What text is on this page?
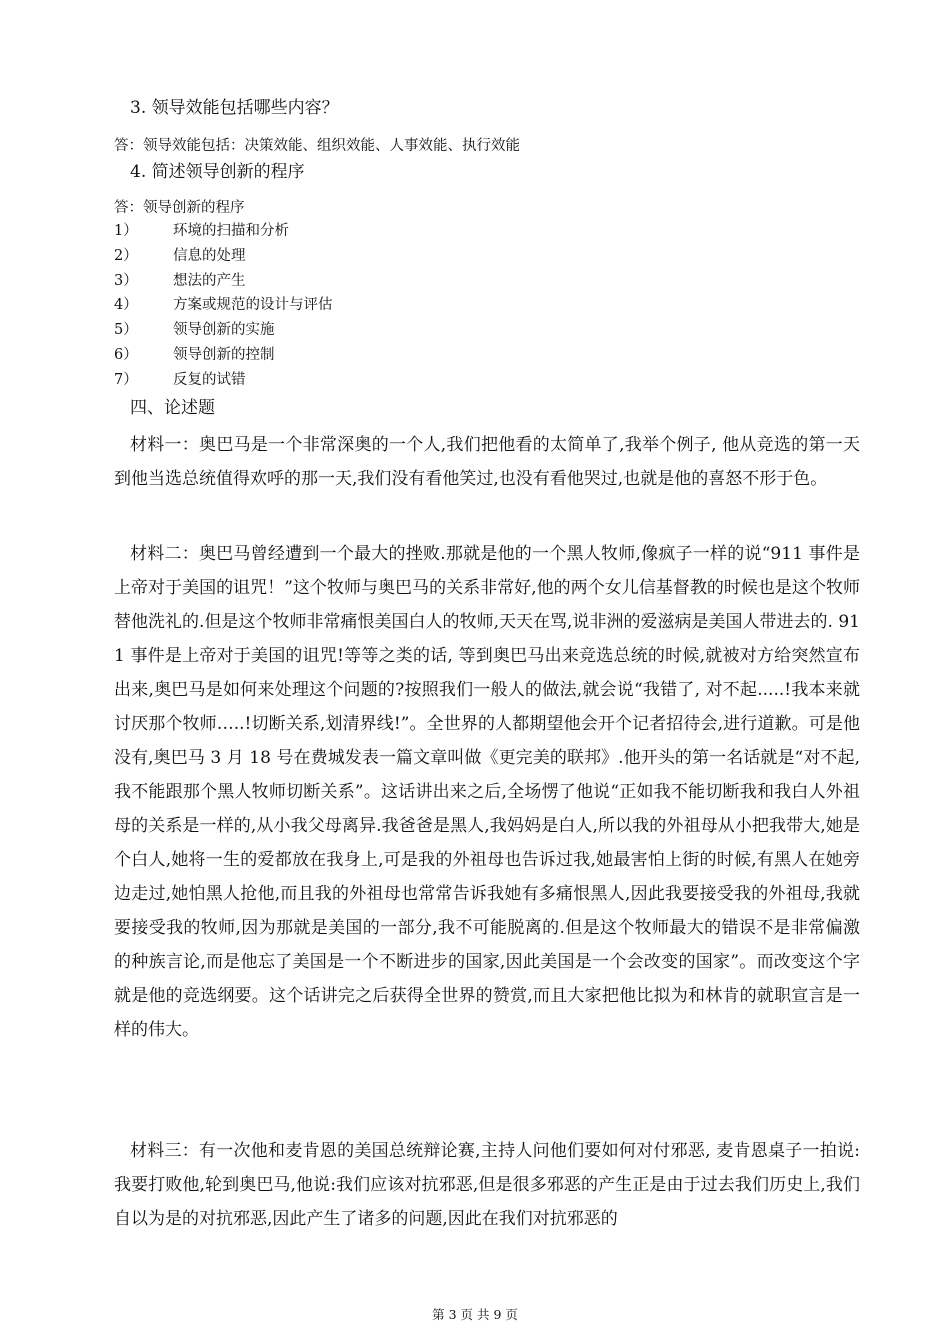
3. 领导效能包括哪些内容？
答：领导效能包括：决策效能、组织效能、人事效能、执行效能
4. 简述领导创新的程序
答：领导创新的程序
1） 环境的扫描和分析
2） 信息的处理
3） 想法的产生
4） 方案或规范的设计与评估
5） 领导创新的实施
6） 领导创新的控制
7） 反复的试错
四、论述题

材料一：奥巴马是一个非常深奥的一个人,我们把他看的太简单了,我举个例子, 他从竞选的第一天到他当选总统值得欢呼的那一天,我们没有看他笑过,也没有看他哭过,也就是他的喜怒不形于色。

材料二：奥巴马曾经遭到一个最大的挫败.那就是他的一个黑人牧师,像疯子一样的说“911 事件是上帝对于美国的诅咒！”这个牧师与奥巴马的关系非常好,他的两个女儿信基督教的时候也是这个牧师替他洗礼的.但是这个牧师非常痛恨美国白人的牧师,天天在骂,说非洲的爱滋病是美国人带进去的. 911 事件是上帝对于美国的诅咒!等等之类的话, 等到奥巴马出来竞选总统的时候,就被对方给突然宣布出来,奥巴马是如何来处理这个问题的?按照我们一般人的做法,就会说“我错了, 对不起.....!我本来就讨厌那个牧师…..!切断关系,划清界线!”。全世界的人都期望他会开个记者招待会,进行道歉。可是他没有,奥巴马 3 月 18 号在费城发表一篇文章叫做《更完美的联邦》.他开头的第一名话就是“对不起,我不能跟那个黑人牧师切断关系”。这话讲出来之后,全场愣了他说“正如我不能切断我和我白人外祖母的关系是一样的,从小我父母离异.我爸爸是黑人,我妈妈是白人,所以我的外祖母从小把我带大,她是个白人,她将一生的爱都放在我身上,可是我的外祖母也告诉过我,她最害怕上街的时候,有黑人在她旁边走过,她怕黑人抢他,而且我的外祖母也常常告诉我她有多痛恨黑人,因此我要接受我的外祖母,我就要接受我的牧师,因为那就是美国的一部分,我不可能脱离的.但是这个牧师最大的错误不是非常偏激的种族言论,而是他忘了美国是一个不断进步的国家,因此美国是一个会改变的国家”。而改变这个字就是他的竞选纲要。这个话讲完之后获得全世界的赞赏,而且大家把他比拟为和林肯的就职宣言是一样的伟大。

材料三：有一次他和麦肯恩的美国总统辩论赛,主持人问他们要如何对付邪恶, 麦肯恩桌子一拍说:我要打败他,轮到奥巴马,他说:我们应该对抗邪恶,但是很多邪恶的产生正是由于过去我们历史上,我们自以为是的对抗邪恶,因此产生了诸多的问题,因此在我们对抗邪恶的

第 3 页 共 9 页
